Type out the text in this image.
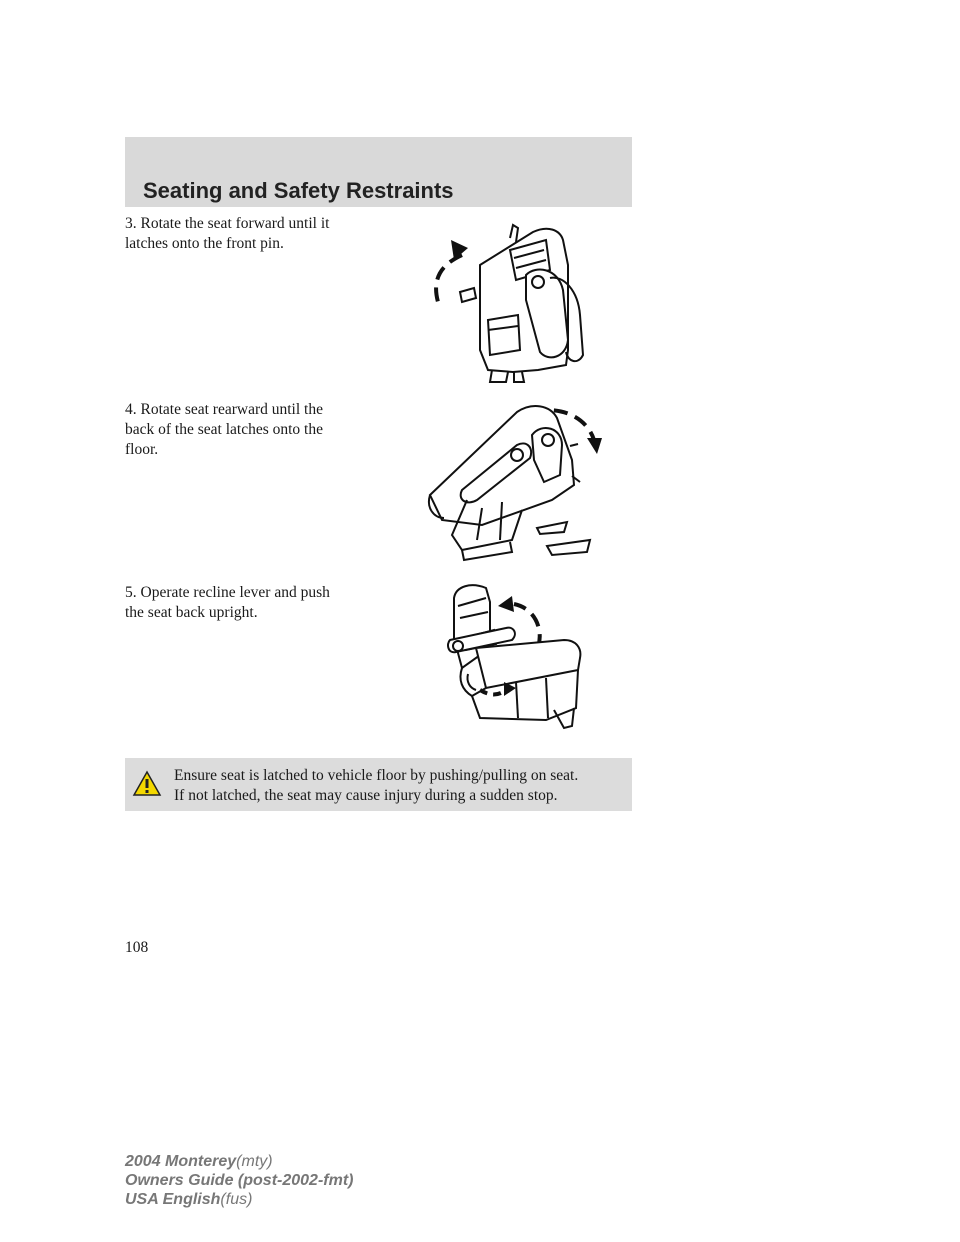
Seating and Safety Restraints
3. Rotate the seat forward until it
latches onto the front pin.
4. Rotate seat rearward until the
back of the seat latches onto the
floor.
5. Operate recline lever and push
the seat back upright.
Ensure seat is latched to vehicle floor by pushing/pulling on seat.
If not latched, the seat may cause injury during a sudden stop.
108
2004 Monterey(mty)
Owners Guide (post-2002-fmt)
USA English(fus)
